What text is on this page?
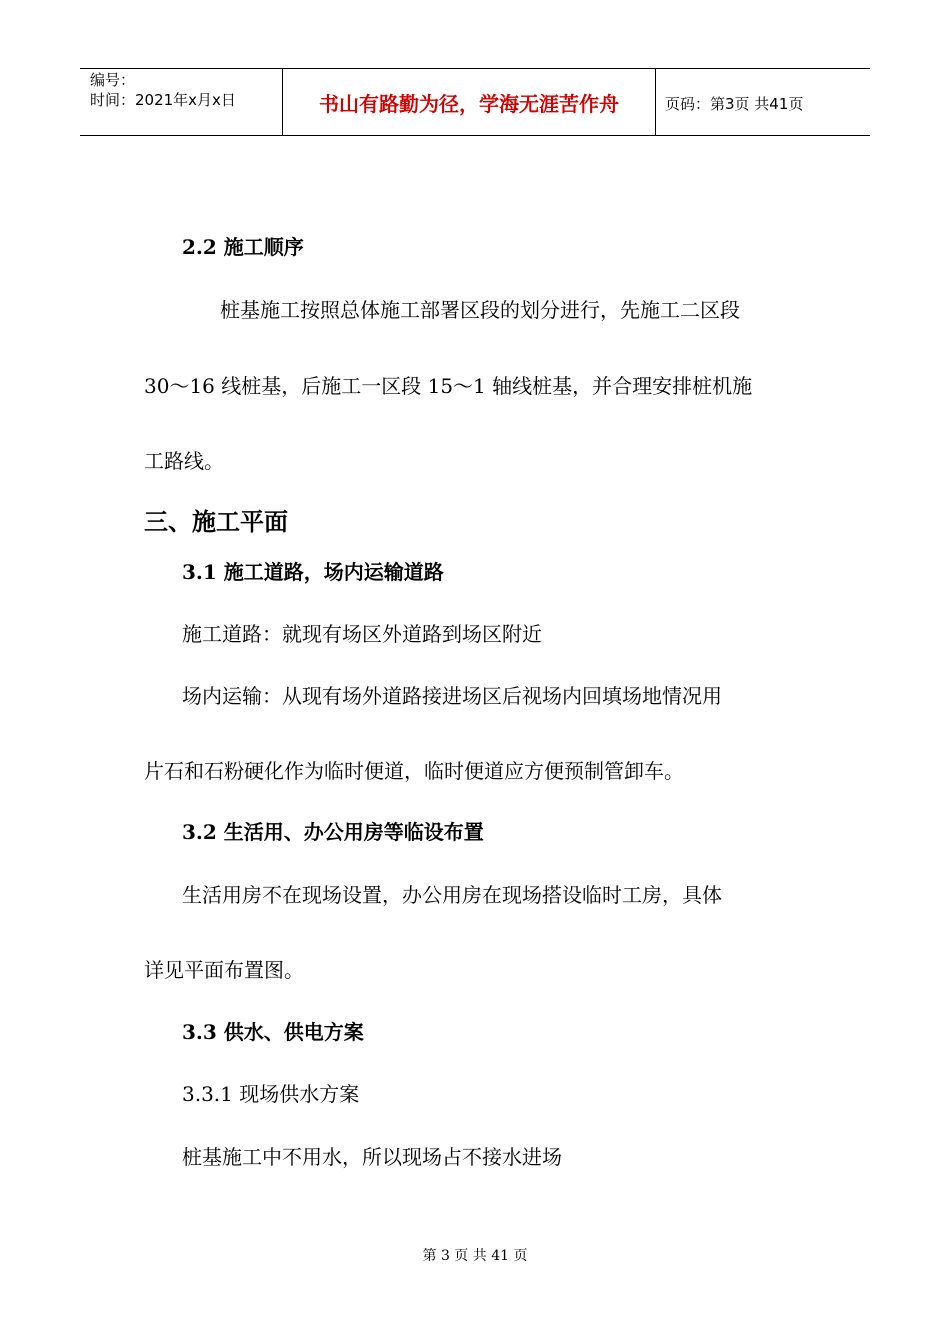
编号：
时间：2021年x月x日	书山有路勤为径，学海无涯苦作舟	页码：第3页 共41页
2.2 施工顺序
桩基施工按照总体施工部署区段的划分进行，先施工二区段
30～16 线桩基，后施工一区段 15～1 轴线桩基，并合理安排桩机施
工路线。
三、施工平面
3.1 施工道路，场内运输道路
施工道路：就现有场区外道路到场区附近
场内运输：从现有场外道路接进场区后视场内回填场地情况用
片石和石粉硬化作为临时便道，临时便道应方便预制管卸车。
3.2 生活用、办公用房等临设布置
生活用房不在现场设置，办公用房在现场搭设临时工房，具体
详见平面布置图。
3.3 供水、供电方案
3.3.1 现场供水方案
桩基施工中不用水，所以现场占不接水进场
第 3 页 共 41 页
